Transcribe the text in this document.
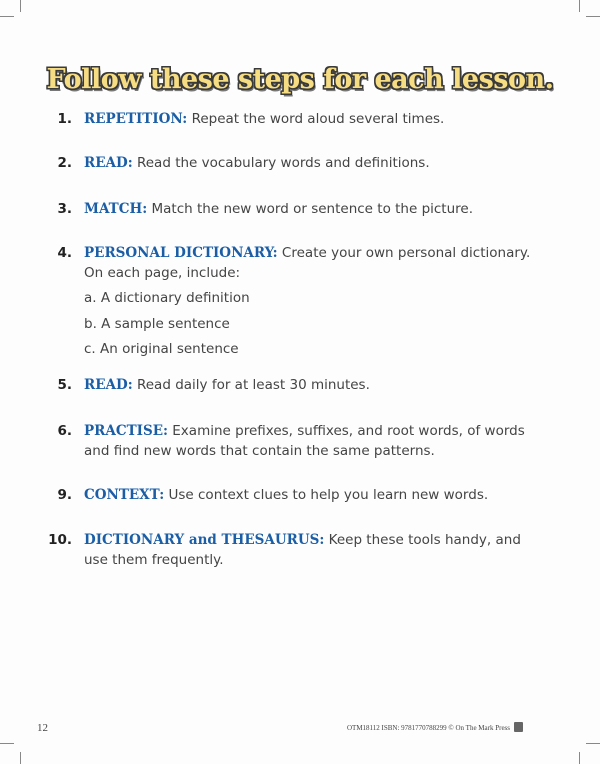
Follow these steps for each lesson.
1. REPETITION: Repeat the word aloud several times.
2. READ: Read the vocabulary words and definitions.
3. MATCH: Match the new word or sentence to the picture.
4. PERSONAL DICTIONARY: Create your own personal dictionary. On each page, include:
a. A dictionary definition
b. A sample sentence
c. An original sentence
5. READ: Read daily for at least 30 minutes.
6. PRACTISE: Examine prefixes, suffixes, and root words, of words and find new words that contain the same patterns.
9. CONTEXT: Use context clues to help you learn new words.
10. DICTIONARY and THESAURUS: Keep these tools handy, and use them frequently.
12	OTM18112 ISBN: 9781770788299 © On The Mark Press
